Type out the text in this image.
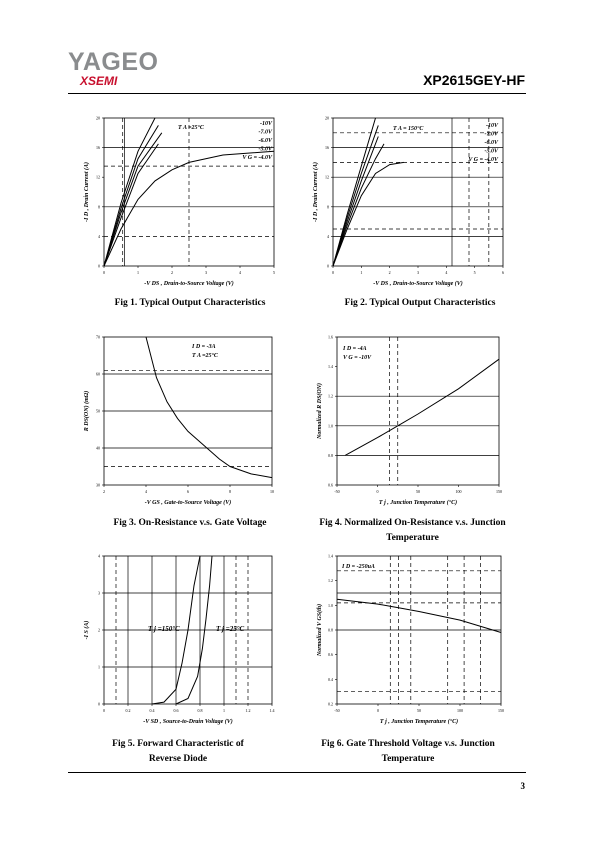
YAGEO
XSEMI	XP2615GEY-HF
0	1	2	3	4	5
0
4
8
12
16
20
-V DS , Drain-to-Source Voltage (V)
-I D , Drain Current (A)
T A =25°C
-10V
-7.0V
-6.0V
-5.0V
V G = -4.0V
0	1	2	3	4	5	6
0
4
8
12
16
20
-V DS , Drain-to-Source Voltage (V)
-I D , Drain Current (A)
T A = 150°C	-10V
-7.0V
-6.0V
-5.0V
V G = -4.0V
2	4	6	8	10
30
40
50
60
70
-V GS , Gate-to-Source Voltage (V)
R DS(ON) (mΩ)
I D = -3A
T A =25°C
-50	0	50	100	150
0.6
0.8
1.0
1.2
1.4
1.6
T j , Junction Temperature (°C)
Normalized R DS(ON)
I D = -4A
V G = -10V
0	0.2	0.4	0.6	0.8	1	1.2	1.4
0
1
2
3
4
-V SD , Source-to-Drain Voltage (V)
-I S (A)	T j =150°C	T j =25°C
-50	0	50	100	150
0.2
0.4
0.6
0.8
1.0
1.2
1.4
T j , Junction Temperature (°C)
Normalized V GS(th)
I D = -250uA
Fig 1. Typical Output Characteristics	Fig 2. Typical Output Characteristics
Fig 3. On-Resistance v.s. Gate Voltage	Fig 4. Normalized On-Resistance v.s. Junction Temperature
Fig 5. Forward Characteristic of Reverse Diode
Fig 6. Gate Threshold Voltage v.s. Junction Temperature
3
